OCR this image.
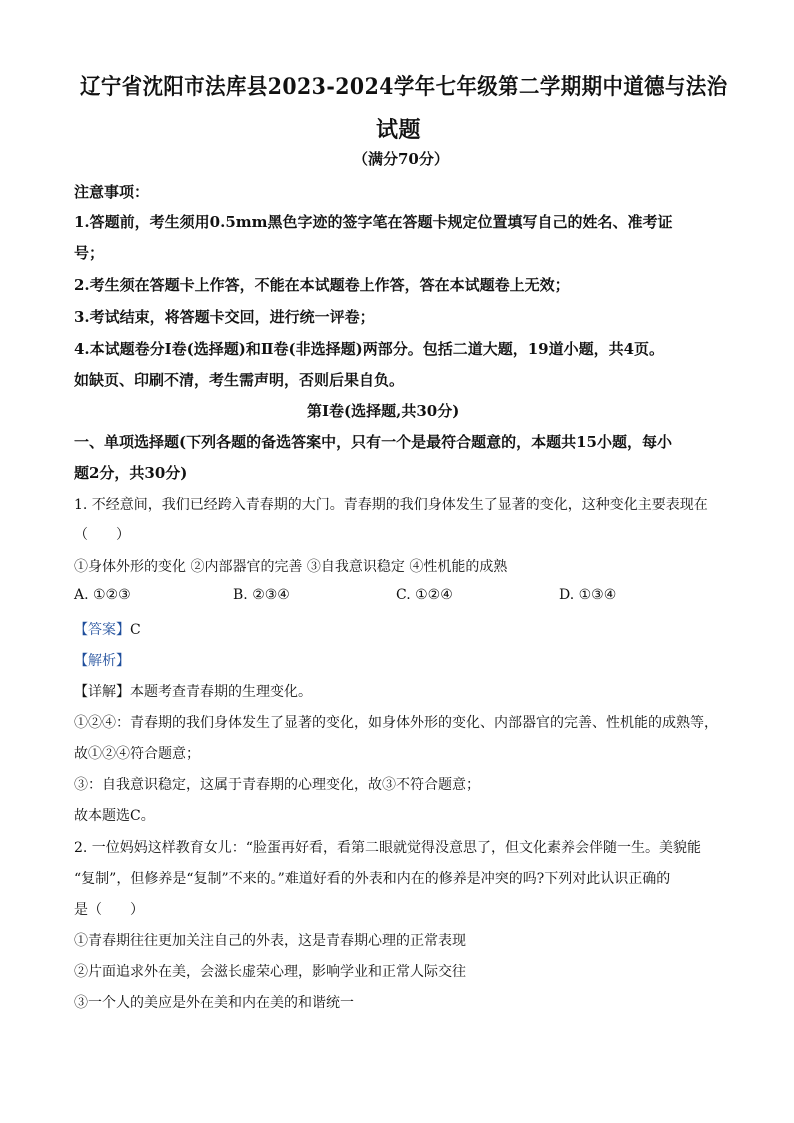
辽宁省沈阳市法库县2023-2024学年七年级第二学期期中道德与法治
试题
（满分70分）
注意事项：
1.答题前，考生须用0.5mm黑色字迹的签字笔在答题卡规定位置填写自己的姓名、准考证
号；
2.考生须在答题卡上作答，不能在本试题卷上作答，答在本试题卷上无效；
3.考试结束，将答题卡交回，进行统一评卷；
4.本试题卷分Ⅰ卷(选择题)和Ⅱ卷(非选择题)两部分。包括二道大题，19道小题，共4页。
如缺页、印刷不清，考生需声明，否则后果自负。
第Ⅰ卷(选择题,共30分)
一、单项选择题(下列各题的备选答案中，只有一个是最符合题意的，本题共15小题，每小
题2分，共30分)
1. 不经意间，我们已经跨入青春期的大门。青春期的我们身体发生了显著的变化，这种变化主要表现在
（　　）
①身体外形的变化 ②内部器官的完善 ③自我意识稳定 ④性机能的成熟
A. ①②③	B. ②③④	C. ①②④	D. ①③④
【答案】C
【解析】
【详解】本题考查青春期的生理变化。
①②④：青春期的我们身体发生了显著的变化，如身体外形的变化、内部器官的完善、性机能的成熟等，
故①②④符合题意；
③：自我意识稳定，这属于青春期的心理变化，故③不符合题意；
故本题选C。
2. 一位妈妈这样教育女儿：“脸蛋再好看，看第二眼就觉得没意思了，但文化素养会伴随一生。美貌能
“复制”，但修养是“复制”不来的。”难道好看的外表和内在的修养是冲突的吗?下列对此认识正确的
是（　　）
①青春期往往更加关注自己的外表，这是青春期心理的正常表现
②片面追求外在美，会滋长虚荣心理，影响学业和正常人际交往
③一个人的美应是外在美和内在美的和谐统一
